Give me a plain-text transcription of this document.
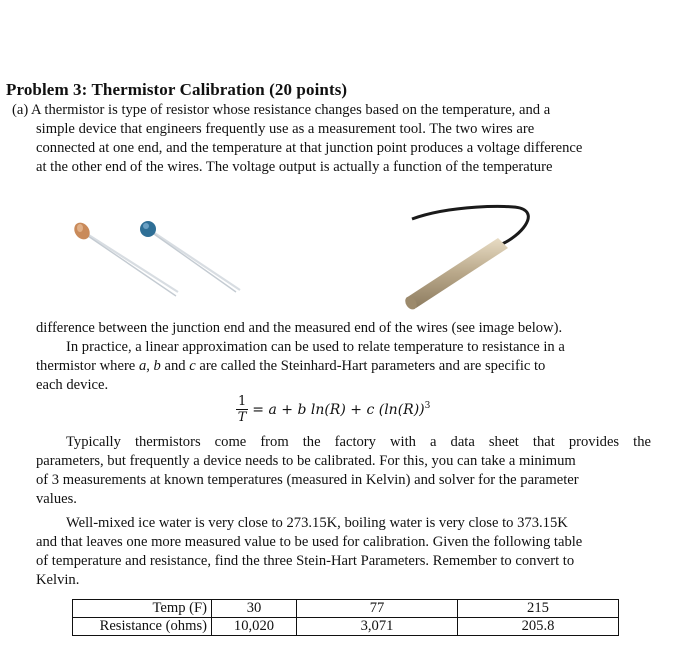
Problem 3: Thermistor Calibration (20 points)
(a) A thermistor is type of resistor whose resistance changes based on the temperature, and a
simple device that engineers frequently use as a measurement tool. The two wires are
connected at one end, and the temperature at that junction point produces a voltage difference
at the other end of the wires. The voltage output is actually a function of the temperature
difference between the junction end and the measured end of the wires (see image below).
In practice, a linear approximation can be used to relate temperature to resistance in a
thermistor where a, b and c are called the Steinhard-Hart parameters and are specific to
each device.
$\frac{1}{T} = a + b$ ln(R) + c $(\ln(R))^3$
Typically thermistors come from the factory with a data sheet that provides the
parameters, but frequently a device needs to be calibrated. For this, you can take a minimum
of 3 measurements at known temperatures (measured in Kelvin) and solver for the parameter
values.
Well-mixed ice water is very close to 273.15K, boiling water is very close to 373.15K
and that leaves one more measured value to be used for calibration. Given the following table
of temperature and resistance, find the three Stein-Hart Parameters. Remember to convert to
Kelvin.
Temp (F)	30	77	215
Resistance (ohms)	10,020	3,071	205.8
